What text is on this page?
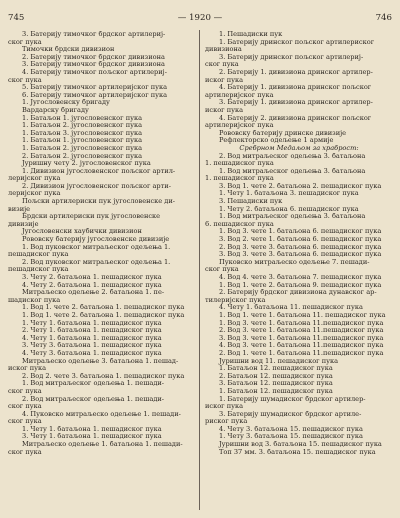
745	— 1920 —	746
3. Батерију тимочког брдског артилериј-
ског пука
Тимочки брдски дивизион
2. Батерију тимочког брдског дивизиона
3. Батерију тимочког брдског дивизиона
4. Батерију тимочког пољског артилериј-
ског пука
5. Батерију тимочког артилеријског пука
6. Батерију тимочког артилеријског пука
1. Југословенску бригаду
Вардарску бригаду
1. Батаљон 1. југословенског пука
1. Батаљон 2. југословенског пука
1. Батаљон 3. југословенског пука
1. Батаљон 1. југословенског пука
1. Батаљон 2. југословенског пука
2. Батаљон 2. југословенског пука
Јуришну чету 2. југословенског пука
1. Дивизион југословенског пољског артил-
леријског пука
2. Дивизион југословенског пољског арти-
леријског пука
Пољски артилериски пук југословенске ди-
визије
Брдски артилериски пук југословенске
дивизије
Југословенски хаубички дивизион
Рововску батерију југословенске дивизије
1. Вод пуковског митраљеског одељења 1.
пешадиског пука
2. Вод пуковског митраљеског одељења 1.
пешадиског пука
3. Чету 2. батаљона 1. пешадиског пука
4. Чету 2. батаљона 1. пешадиског пука
Митраљеско одељење 2. батаљона 1. пе-
шадиског пука
1. Вод 1. чете 2. батаљона 1. пешадиског пука
1. Вод 1. чете 2. батаљона 1. пешадиског пука
1. Чету 1. батаљона 1. пешадиског пука
2. Чету 1. батаљона 1. пешадиског пука
4. Чету 1. батаљона 1. пешадиског пука
3. Чету 3. батаљона 1. пешадиског пука
4. Чету 3. батаљона 1. пешадиског пука
Митраљеско одељење 3. батаљона 1. пешад-
иског пука
2. Вод 2. чете 3. батаљона 1. пешадиског пука
1. Вод митраљеског одељења 1. пешади-
ског пука
2. Вод митраљеског одељења 1. пешади-
ског пука
4. Пуковско митраљеско одељење 1. пешади-
ског пука
1. Чету 1. батаљона 1. пешадиског пука
3. Чету 1. батаљона 1. пешадиског пука
Митраљеско одељење 1. батаљона 1. пешади-
ског пука
1. Пешадиски пук
1. Батерију дринског пољског артилериског
дивизиона
3. Батерију дринског пољског артилериј-
ског пука
2. Батерију 1. дивизиона дринског артилер-
иског пука
4. Батерију 1. дивизиона дринског пољског
артилеријског пука
3. Батерију 1. дивизиона дринског артилер-
иског пука
4. Батерију 2. дивизиона дринског пољског
артилеријског пука
Рововску батерију дринске дивизије
Рефлекторско одељење 1 армије
Сребрном Медаљом за храброст:
2. Вод митраљеског одељења 3. батаљона
1. пешадиског пука
1. Вод митраљеског одељења 3. батаљона
1. пешадиског пука
3. Вод 1. чете 2. батаљона 2. пешадиског пука
1. Чету 1. батаљона 3. пешадиског пука
3. Пешадиски пук
1. Чету 2. батаљона 6. пешадиског пука
1. Вод митраљеског одељења 3. батаљона
6. пешадиског пука
1. Вод 3. чете 1. батаљона 6. пешадиског пука
3. Вод 2. чете 1. батаљона 6. пешадиског пука
2. Вод 3. чете 3. батаљона 6. пешадиског пука
3. Вод 3. чете 3. батаљона 6. пешадиског пука
Пуковско митраљеско одељење 7. пешади-
ског пука
4. Вод 4. чете 3. батаљона 7. пешадиског пука
1. Вод 1. чете 2. батаљона 9. пешадиског пука
2. Батерију брдског дивизиона дунавског ар-
тилеријског пука
4. Чету 1. батаљона 11. пешадиског пука
1. Вод 1. чете 1. батаљона 11. пешадиског пука
1. Вод 3. чете 1. батаљона 11.пешадиског пука
2. Вод 3. чете 1. батаљона 11.пешадиског пука
3. Вод 3. чете 1. батаљона 11.пешадиског пука
4. Вод 3. чете 1. батаљона 11.пешадиског пука
2. Вод 1. чете 1. батаљона 11.пешадиског пука
Јуришни вод 11. пешадиског пука
1. Батаљон 12. пешадиског пука
2. Батаљон 12. пешадиског пука
3. Батаљон 12. пешадиског пука
1. Батаљон 12. пешадиског пука
1. Батерију шумадиског брдског артилер-
иског пука
3. Батерију шумадиског брдског артиле-
риског пука
4. Чету 3. батаљона 15. пешадиског пука
1. Чету 3. батаљона 15. пешадиског пука
Јуришни вод 3. батаљона 15. пешадиског пука
Топ 37 мм. 3. батаљона 15. пешадиског пука
